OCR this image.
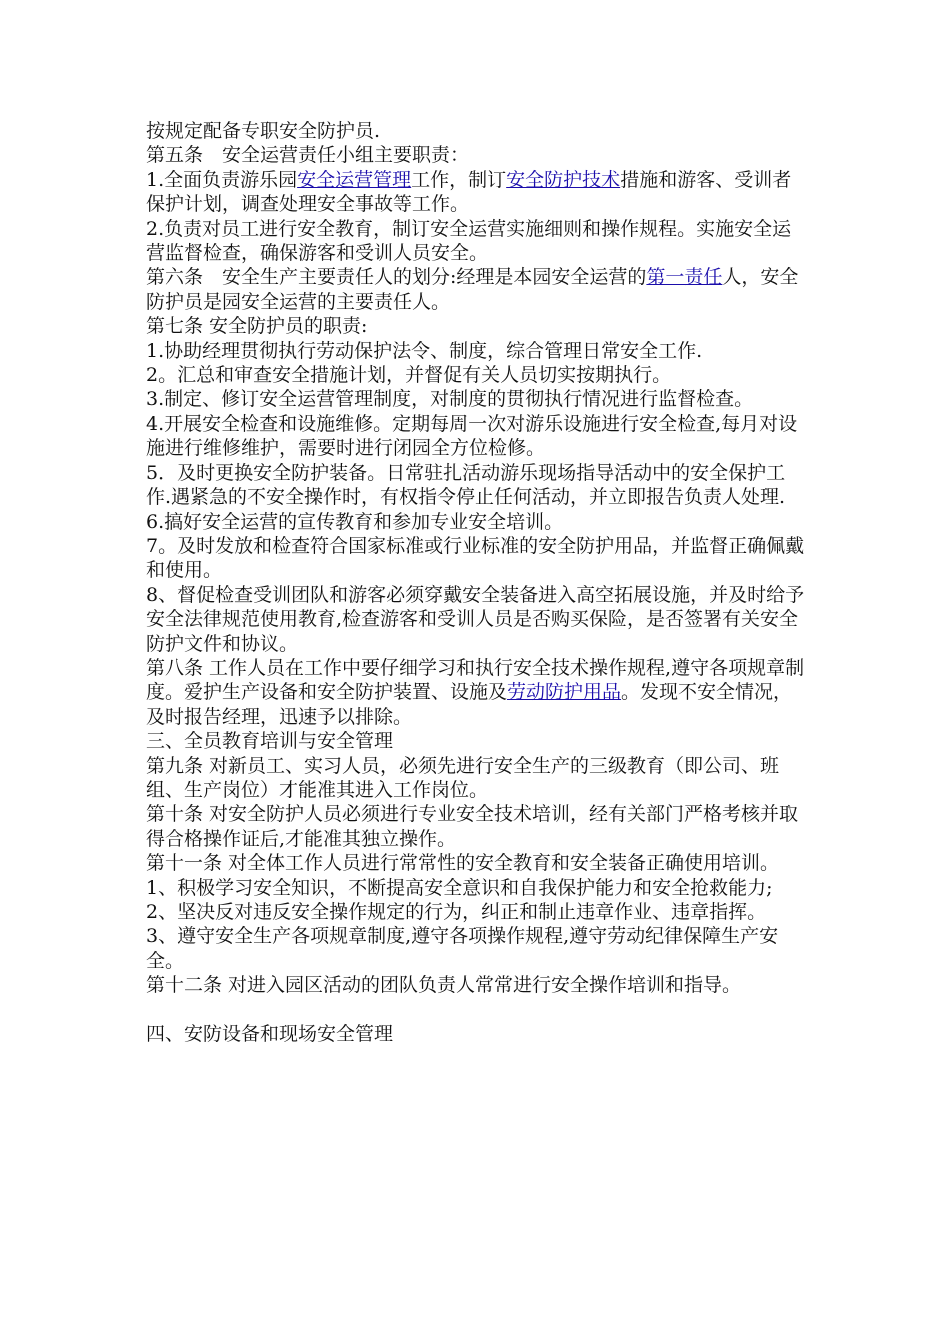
按规定配备专职安全防护员.

第五条　安全运营责任小组主要职责：

1.全面负责游乐园安全运营管理工作，制订安全防护技术措施和游客、受训者保护计划，调查处理安全事故等工作。

2.负责对员工进行安全教育，制订安全运营实施细则和操作规程。实施安全运营监督检查，确保游客和受训人员安全。

第六条　安全生产主要责任人的划分:经理是本园安全运营的第一责任人，安全防护员是园安全运营的主要责任人。

第七条 安全防护员的职责:

1.协助经理贯彻执行劳动保护法令、制度，综合管理日常安全工作.

2。汇总和审查安全措施计划，并督促有关人员切实按期执行。

3.制定、修订安全运营管理制度，对制度的贯彻执行情况进行监督检查。

4.开展安全检查和设施维修。定期每周一次对游乐设施进行安全检查,每月对设施进行维修维护，需要时进行闭园全方位检修。

5．及时更换安全防护装备。日常驻扎活动游乐现场指导活动中的安全保护工作.遇紧急的不安全操作时，有权指令停止任何活动，并立即报告负责人处理.

6.搞好安全运营的宣传教育和参加专业安全培训。

7。及时发放和检查符合国家标准或行业标准的安全防护用品，并监督正确佩戴和使用。

8、督促检查受训团队和游客必须穿戴安全装备进入高空拓展设施，并及时给予安全法律规范使用教育,检查游客和受训人员是否购买保险，是否签署有关安全防护文件和协议。

第八条 工作人员在工作中要仔细学习和执行安全技术操作规程,遵守各项规章制度。爱护生产设备和安全防护装置、设施及劳动防护用品。发现不安全情况，及时报告经理，迅速予以排除。

三、全员教育培训与安全管理

第九条 对新员工、实习人员，必须先进行安全生产的三级教育（即公司、班组、生产岗位）才能准其进入工作岗位。

第十条 对安全防护人员必须进行专业安全技术培训，经有关部门严格考核并取得合格操作证后,才能准其独立操作。

第十一条 对全体工作人员进行常常性的安全教育和安全装备正确使用培训。

1、积极学习安全知识，不断提高安全意识和自我保护能力和安全抢救能力;

2、坚决反对违反安全操作规定的行为，纠正和制止违章作业、违章指挥。

3、遵守安全生产各项规章制度,遵守各项操作规程,遵守劳动纪律保障生产安全。

第十二条 对进入园区活动的团队负责人常常进行安全操作培训和指导。

四、安防设备和现场安全管理
